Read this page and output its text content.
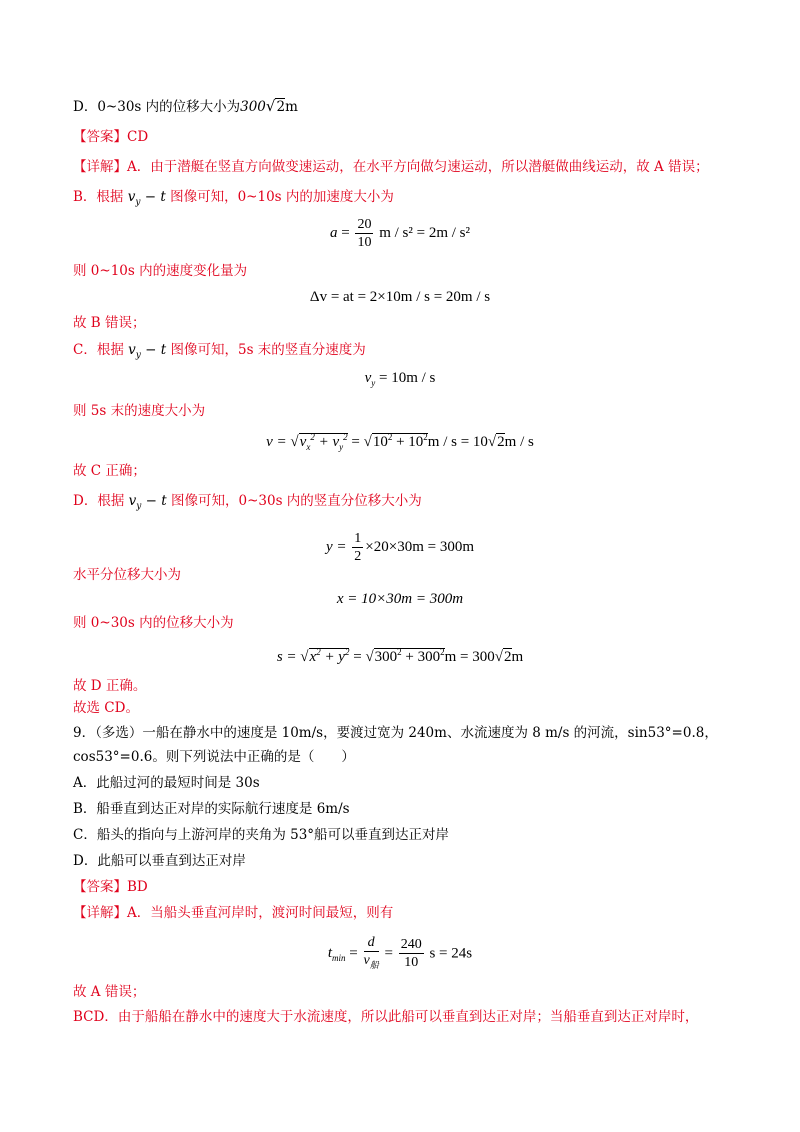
D．0~30s 内的位移大小为300√2m
【答案】CD
【详解】A．由于潜艇在竖直方向做变速运动，在水平方向做匀速运动，所以潜艇做曲线运动，故 A 错误；
B．根据 $v_y - t$ 图像可知，0~10s 内的加速度大小为
$a = \frac{20}{10}$ m / s² = 2m / s²
则 0~10s 内的速度变化量为
Δv = at = 2×10m / s = 20m / s
故 B 错误；
C．根据 $v_y - t$ 图像可知，5s 末的竖直分速度为
$v_y = 10m / s$
则 5s 末的速度大小为
$v = √v_x^2 + v_y^2 = √10^2 + 10^2m / s = 10√2m / s$
故 C 正确；
D．根据 $v_y - t$ 图像可知，0~30s 内的竖直分位移大小为
$y = \frac{1}{2} \times 20\times 30m = 300m$
水平分位移大小为
x = 10×30m = 300m
则 0~30s 内的位移大小为
$s = √x^2 + y^2 = √300^2 + 300^2m = 300√2m$
故 D 正确。
故选 CD。
9．（多选）一船在静水中的速度是 10m/s，要渡过宽为 240m、水流速度为 8 m/s 的河流，sin53°=0.8，
cos53°=0.6。则下列说法中正确的是（　　）
A．此船过河的最短时间是 30s
B．船垂直到达正对岸的实际航行速度是 6m/s
C．船头的指向与上游河岸的夹角为 53°船可以垂直到达正对岸
D．此船可以垂直到达正对岸
【答案】BD
【详解】A．当船头垂直河岸时，渡河时间最短，则有
$t_{min} = \frac{d}{v_船} = \frac{240}{10}$ s = 24s
故 A 错误；
BCD．由于船船在静水中的速度大于水流速度，所以此船可以垂直到达正对岸；当船垂直到达正对岸时，
